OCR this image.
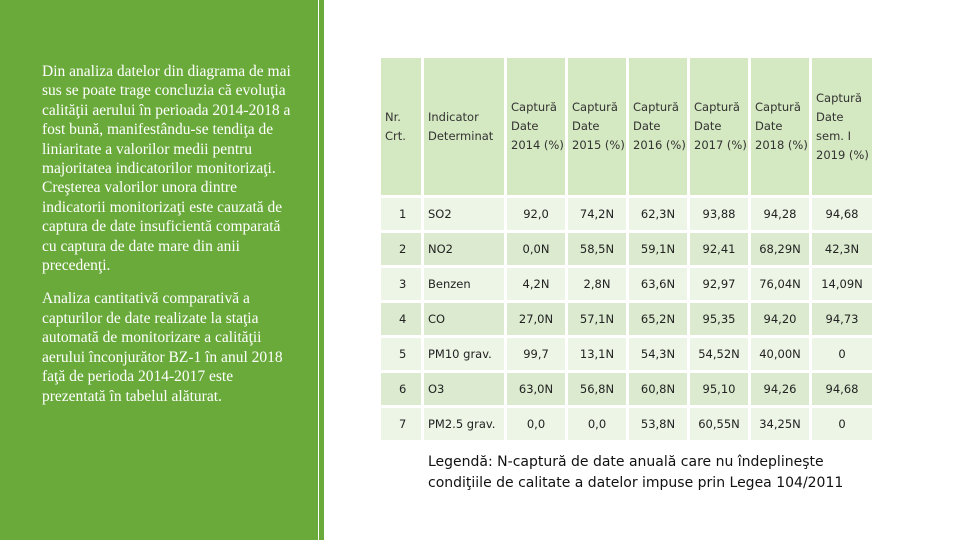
Din analiza datelor din diagrama de mai sus se poate trage concluzia că evoluţia calităţii aerului în perioada 2014-2018 a fost bună, manifestându-se tendiţa de liniaritate a valorilor medii pentru majoritatea indicatorilor monitorizaţi. Creşterea valorilor unora dintre indicatorii monitorizaţi este cauzată de captura de date insuficientă comparată cu captura de date mare din anii precedenţi.

Analiza cantitativă comparativă a capturilor de date realizate la staţia automată de monitorizare a calităţii aerului înconjurător BZ-1 în anul 2018 faţă de perioda 2014-2017 este prezentată în tabelul alăturat.

Nr. Crt.	Indicator Determinat	Captură Date 2014 (%)	Captură Date 2015 (%)	Captură Date 2016 (%)	Captură Date 2017 (%)	Captură Date 2018 (%)	Captură Date sem. I 2019 (%)

1	SO2	92,0	74,2N	62,3N	93,88	94,28	94,68
2	NO2	0,0N	58,5N	59,1N	92,41	68,29N	42,3N
3	Benzen	4,2N	2,8N	63,6N	92,97	76,04N	14,09N
4	CO	27,0N	57,1N	65,2N	95,35	94,20	94,73
5	PM10 grav.	99,7	13,1N	54,3N	54,52N	40,00N	0
6	O3	63,0N	56,8N	60,8N	95,10	94,26	94,68
7	PM2.5 grav.	0,0	0,0	53,8N	60,55N	34,25N	0
Legendă: N-captură de date anuală care nu îndeplineşte
condiţiile de calitate a datelor impuse prin Legea 104/2011
